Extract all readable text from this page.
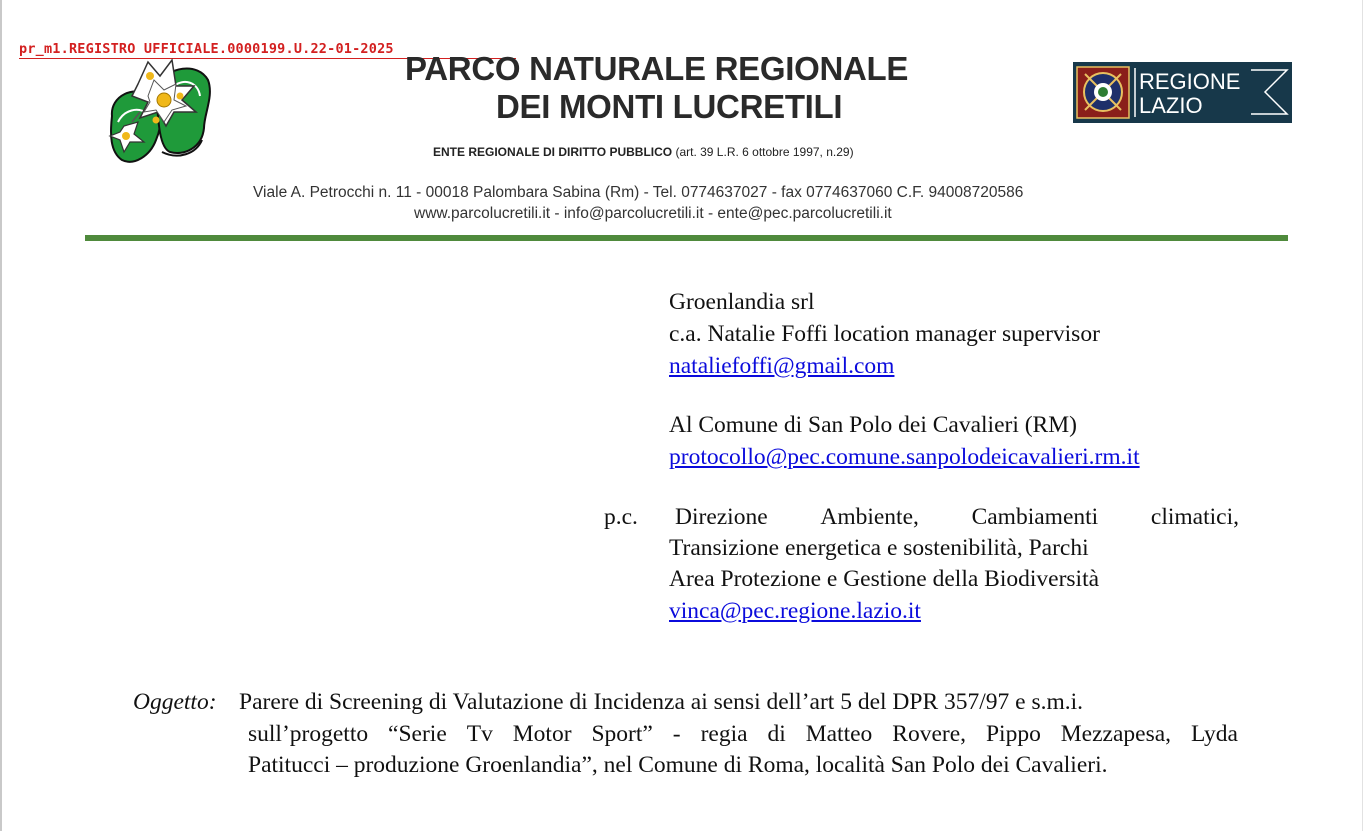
pr_m1.REGISTRO UFFICIALE.0000199.U.22-01-2025
PARCO NATURALE REGIONALE
DEI MONTI LUCRETILI
ENTE REGIONALE DI DIRITTO PUBBLICO (art. 39 L.R. 6 ottobre 1997, n.29)
Viale A. Petrocchi n. 11 - 00018 Palombara Sabina (Rm) - Tel. 0774637027 - fax 0774637060 C.F. 94008720586
www.parcolucretili.it - info@parcolucretili.it - ente@pec.parcolucretili.it
REGIONE
LAZIO
Groenlandia srl
c.a. Natalie Foffi location manager supervisor
nataliefoffi@gmail.com
Al Comune di San Polo dei Cavalieri (RM)
protocollo@pec.comune.sanpolodeicavalieri.rm.it
p.c. Direzione Ambiente, Cambiamenti climatici,
Transizione energetica e sostenibilità, Parchi
Area Protezione e Gestione della Biodiversità
vinca@pec.regione.lazio.it
Oggetto: Parere di Screening di Valutazione di Incidenza ai sensi dell’art 5 del DPR 357/97 e s.m.i.
sull’progetto “Serie Tv Motor Sport” - regia di Matteo Rovere, Pippo Mezzapesa, Lyda
Patitucci – produzione Groenlandia”, nel Comune di Roma, località San Polo dei Cavalieri.
